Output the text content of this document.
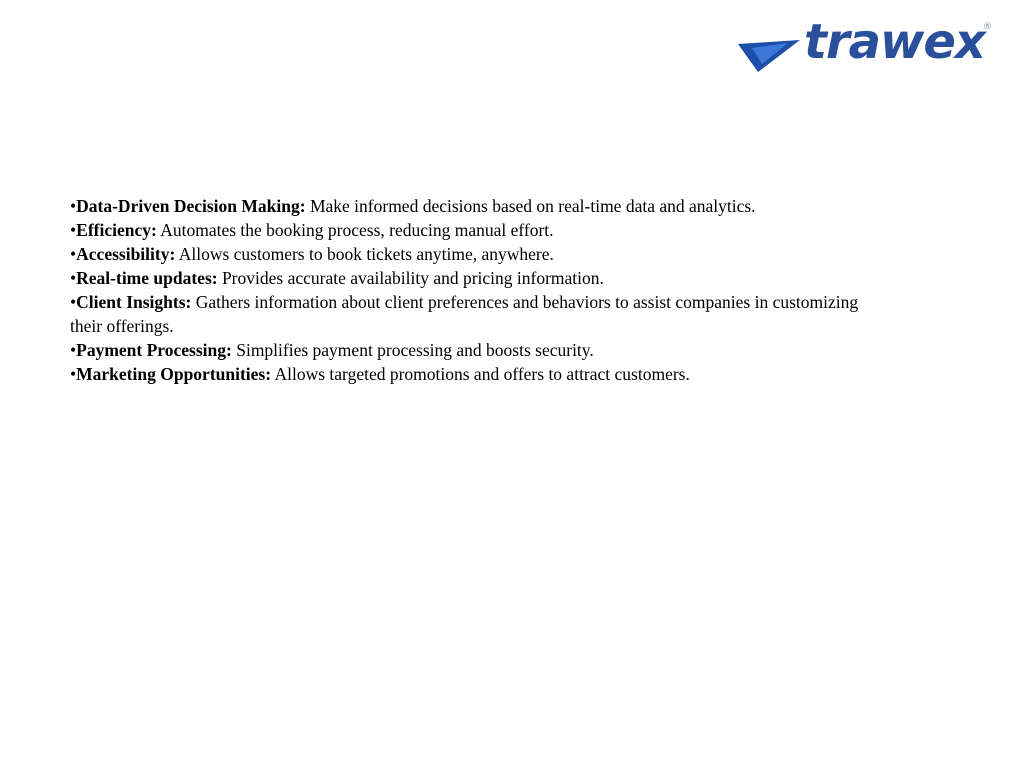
trawex
®

•Data-Driven Decision Making: Make informed decisions based on real-time data and analytics.

•Efficiency: Automates the booking process, reducing manual effort.

•Accessibility: Allows customers to book tickets anytime, anywhere.

•Real-time updates: Provides accurate availability and pricing information.

•Client Insights: Gathers information about client preferences and behaviors to assist companies in customizing their offerings.

•Payment Processing: Simplifies payment processing and boosts security.

•Marketing Opportunities: Allows targeted promotions and offers to attract customers.
